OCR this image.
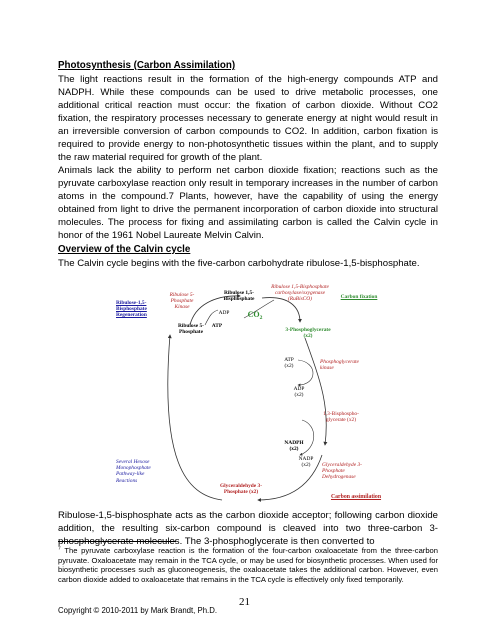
Photosynthesis (Carbon Assimilation)
The light reactions result in the formation of the high-energy compounds ATP and NADPH. While these compounds can be used to drive metabolic processes, one additional critical reaction must occur: the fixation of carbon dioxide. Without CO2 fixation, the respiratory processes necessary to generate energy at night would result in an irreversible conversion of carbon compounds to CO2. In addition, carbon fixation is required to provide energy to non-photosynthetic tissues within the plant, and to supply the raw material required for growth of the plant.
Animals lack the ability to perform net carbon dioxide fixation; reactions such as the pyruvate carboxylase reaction only result in temporary increases in the number of carbon atoms in the compound.7 Plants, however, have the capability of using the energy obtained from light to drive the permanent incorporation of carbon dioxide into structural molecules. The process for fixing and assimilating carbon is called the Calvin cycle in honor of the 1961 Nobel Laureate Melvin Calvin.
Overview of the Calvin cycle
The Calvin cycle begins with the five-carbon carbohydrate ribulose-1,5-bisphosphate.
Ribulose-1,5-Bisphosphate Regeneration
Ribulose 5-Phosphate Kinase
Ribulose 1,5-Bisphosphate
ADP	$CO_2$
Ribulose 1,5-Bisphosphate carboxylase/oxygenase (RuBisCO)	Carbon fixation
Ribulose 5-Phosphate
ATP
3-Phosphoglycerate (x2)
ATP (x2)
Phosphoglycerate kinase
ADP (x2)
1,3-Bisphospho-glycerate (x2)
NADPH (x2)
NADP (x2)	Glyceraldehyde 3-Phosphate Dehydrogenase
Several Hexose Monophosphate Pathway-like Reactions
Glyceraldehyde 3-Phosphate (x2)
Carbon assimilation
Ribulose-1,5-bisphosphate acts as the carbon dioxide acceptor; following carbon dioxide addition, the resulting six-carbon compound is cleaved into two three-carbon 3-phosphoglycerate molecules. The 3-phosphoglycerate is then converted to
$^7$ The pyruvate carboxylase reaction is the formation of the four-carbon oxaloacetate from the three-carbon pyruvate. Oxaloacetate may remain in the TCA cycle, or may be used for biosynthetic processes. When used for biosynthetic processes such as gluconeogenesis, the oxaloacetate takes the additional carbon. However, even carbon dioxide added to oxaloacetate that remains in the TCA cycle is effectively only fixed temporarily.
Copyright © 2010-2011 by Mark Brandt, Ph.D.
21
